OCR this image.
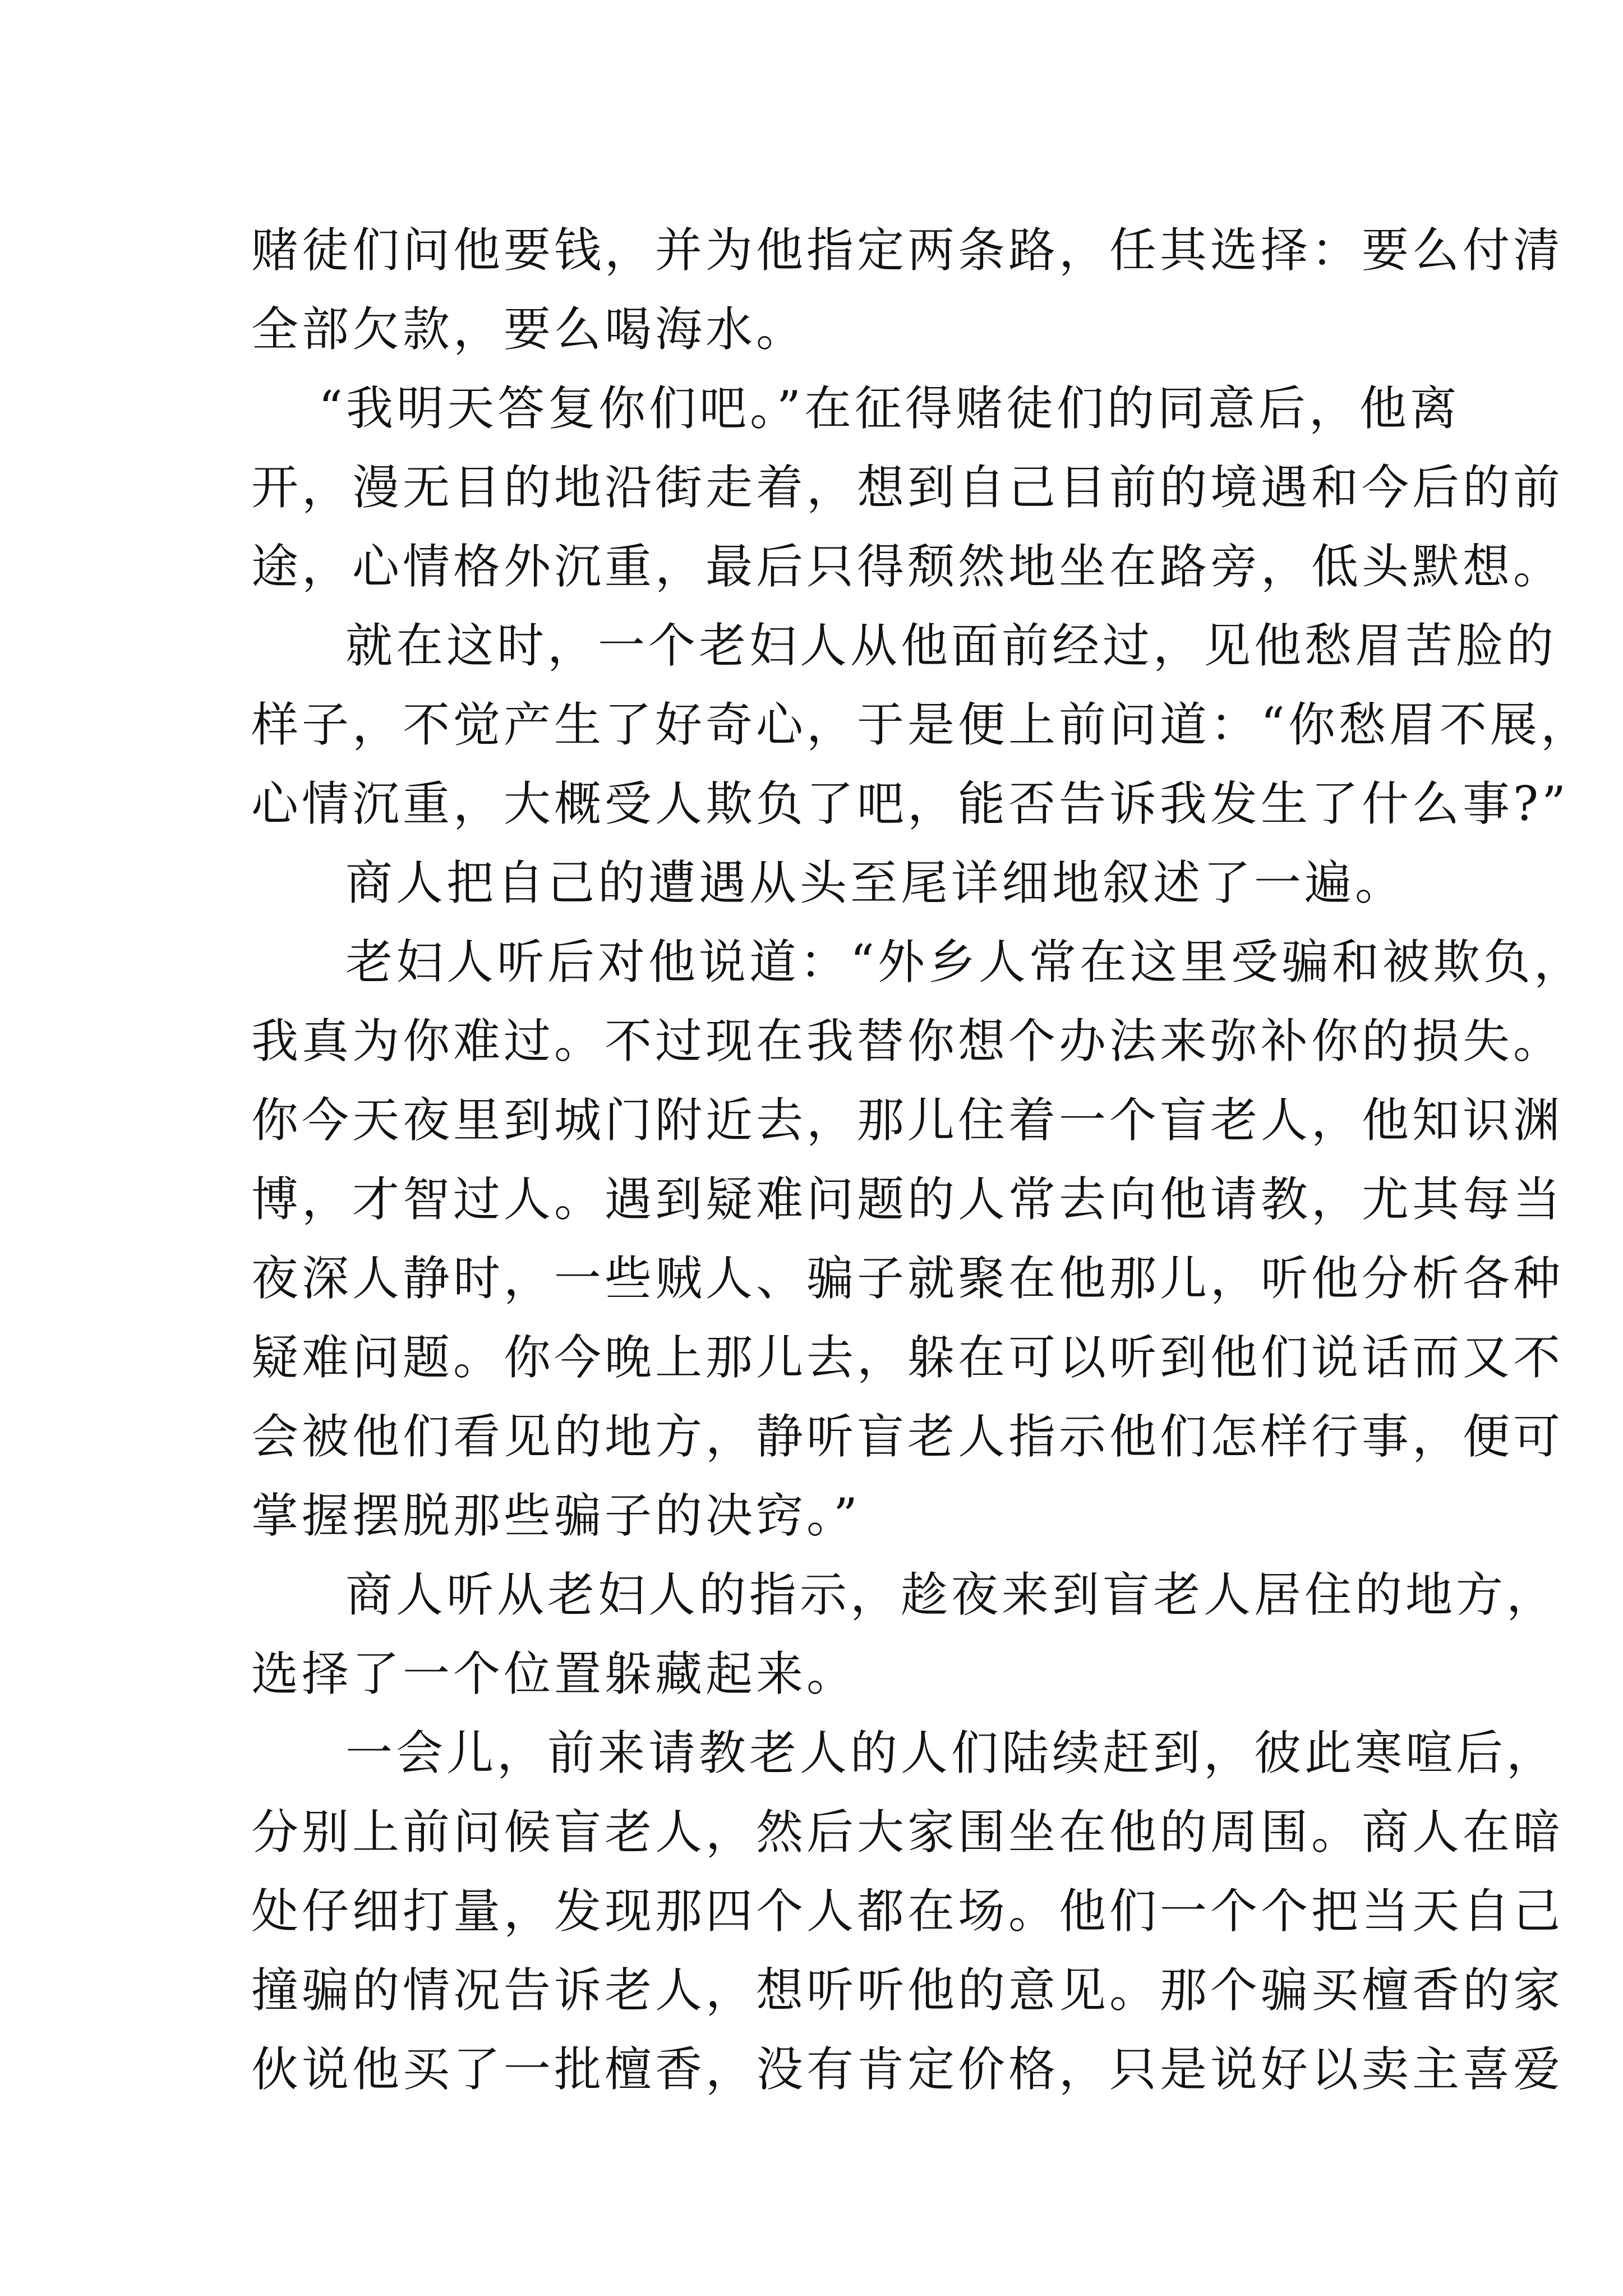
赌徒们问他要钱，并为他指定两条路，任其选择：要么付清
全部欠款，要么喝海水。
“我明天答复你们吧。”在征得赌徒们的同意后，他离
开，漫无目的地沿街走着，想到自己目前的境遇和今后的前
途，心情格外沉重，最后只得颓然地坐在路旁，低头默想。
就在这时，一个老妇人从他面前经过，见他愁眉苦脸的
样子，不觉产生了好奇心，于是便上前问道：“你愁眉不展，
心情沉重，大概受人欺负了吧，能否告诉我发生了什么事?”
商人把自己的遭遇从头至尾详细地叙述了一遍。
老妇人听后对他说道：“外乡人常在这里受骗和被欺负，
我真为你难过。不过现在我替你想个办法来弥补你的损失。
你今天夜里到城门附近去，那儿住着一个盲老人，他知识渊
博，才智过人。遇到疑难问题的人常去向他请教，尤其每当
夜深人静时，一些贼人、骗子就聚在他那儿，听他分析各种
疑难问题。你今晚上那儿去，躲在可以听到他们说话而又不
会被他们看见的地方，静听盲老人指示他们怎样行事，便可
掌握摆脱那些骗子的决窍。”
商人听从老妇人的指示，趁夜来到盲老人居住的地方，
选择了一个位置躲藏起来。
一会儿，前来请教老人的人们陆续赶到，彼此寒喧后，
分别上前问候盲老人，然后大家围坐在他的周围。商人在暗
处仔细打量，发现那四个人都在场。他们一个个把当天自己
撞骗的情况告诉老人，想听听他的意见。那个骗买檀香的家
伙说他买了一批檀香，没有肯定价格，只是说好以卖主喜爱
